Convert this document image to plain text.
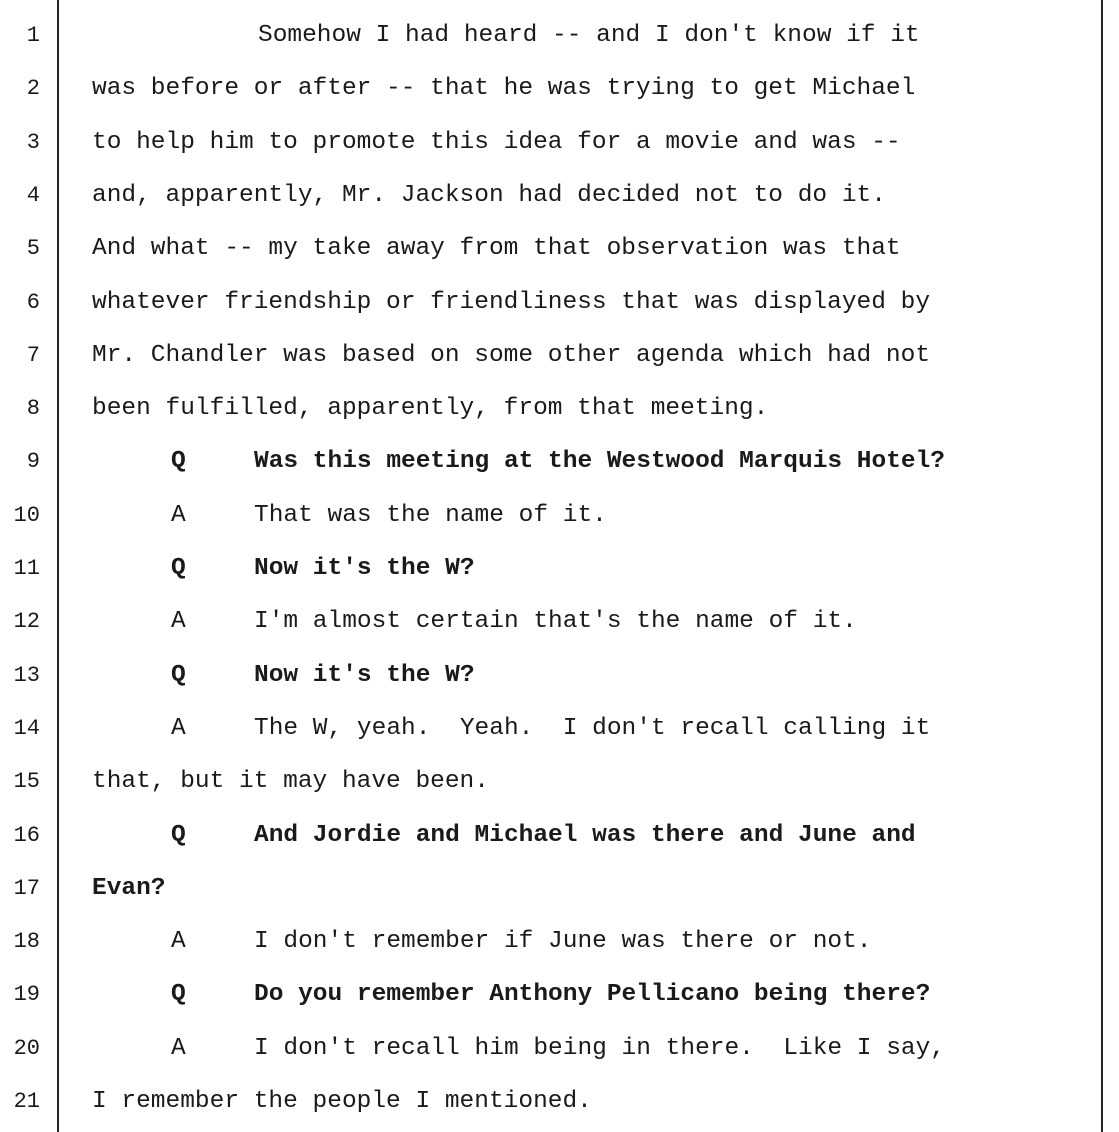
1	Somehow I had heard -- and I don't know if it
2 was before or after -- that he was trying to get Michael
3 to help him to promote this idea for a movie and was --
4 and, apparently, Mr. Jackson had decided not to do it.
5 And what -- my take away from that observation was that
6 whatever friendship or friendliness that was displayed by
7 Mr. Chandler was based on some other agenda which had not
8 been fulfilled, apparently, from that meeting.
9	Q	Was this meeting at the Westwood Marquis Hotel?
10	A	That was the name of it.
11	Q	Now it's the W?
12	A	I'm almost certain that's the name of it.
13	Q	Now it's the W?
14	A	The W, yeah.  Yeah.  I don't recall calling it
15 that, but it may have been.
16	Q	And Jordie and Michael was there and June and
17 Evan?
18	A	I don't remember if June was there or not.
19	Q	Do you remember Anthony Pellicano being there?
20	A	I don't recall him being in there.  Like I say,
21 I remember the people I mentioned.
